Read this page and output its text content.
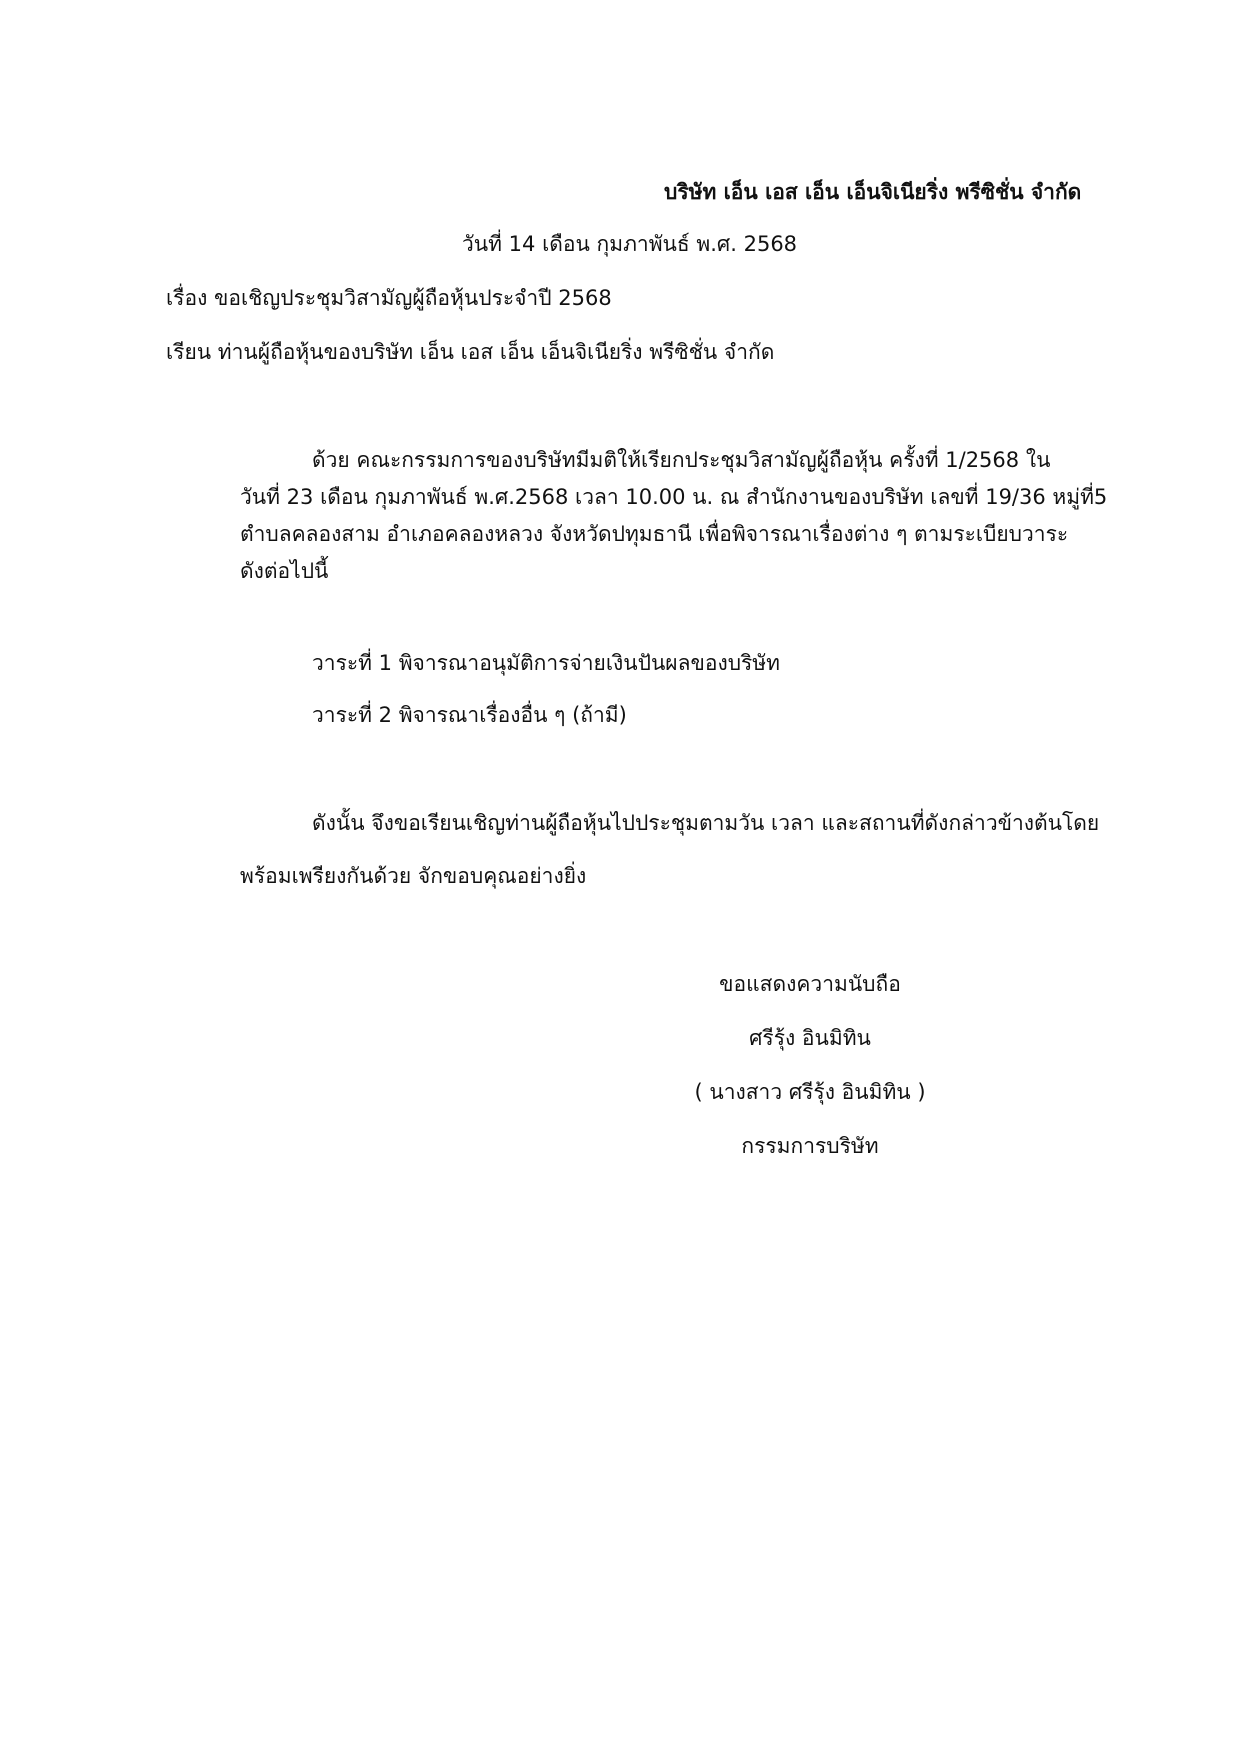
บริษัท เอ็น เอส เอ็น เอ็นจิเนียริ่ง พรีซิชั่น จำกัด
วันที่ 14 เดือน กุมภาพันธ์ พ.ศ. 2568
เรื่อง ขอเชิญประชุมวิสามัญผู้ถือหุ้นประจำปี 2568
เรียน ท่านผู้ถือหุ้นของบริษัท เอ็น เอส เอ็น เอ็นจิเนียริ่ง พรีซิชั่น จำกัด
ด้วย คณะกรรมการของบริษัทมีมติให้เรียกประชุมวิสามัญผู้ถือหุ้น ครั้งที่ 1/2568 ใน
วันที่ 23 เดือน กุมภาพันธ์ พ.ศ.2568 เวลา 10.00 น. ณ สำนักงานของบริษัท เลขที่ 19/36 หมู่ที่5
ตำบลคลองสาม อำเภอคลองหลวง จังหวัดปทุมธานี เพื่อพิจารณาเรื่องต่าง ๆ ตามระเบียบวาระ
ดังต่อไปนี้
วาระที่ 1 พิจารณาอนุมัติการจ่ายเงินปันผลของบริษัท
วาระที่ 2 พิจารณาเรื่องอื่น ๆ (ถ้ามี)
ดังนั้น จึงขอเรียนเชิญท่านผู้ถือหุ้นไปประชุมตามวัน เวลา และสถานที่ดังกล่าวข้างต้นโดย
พร้อมเพรียงกันด้วย จักขอบคุณอย่างยิ่ง
ขอแสดงความนับถือ
ศรีรุ้ง อินมิทิน
( นางสาว ศรีรุ้ง อินมิทิน )
กรรมการบริษัท
